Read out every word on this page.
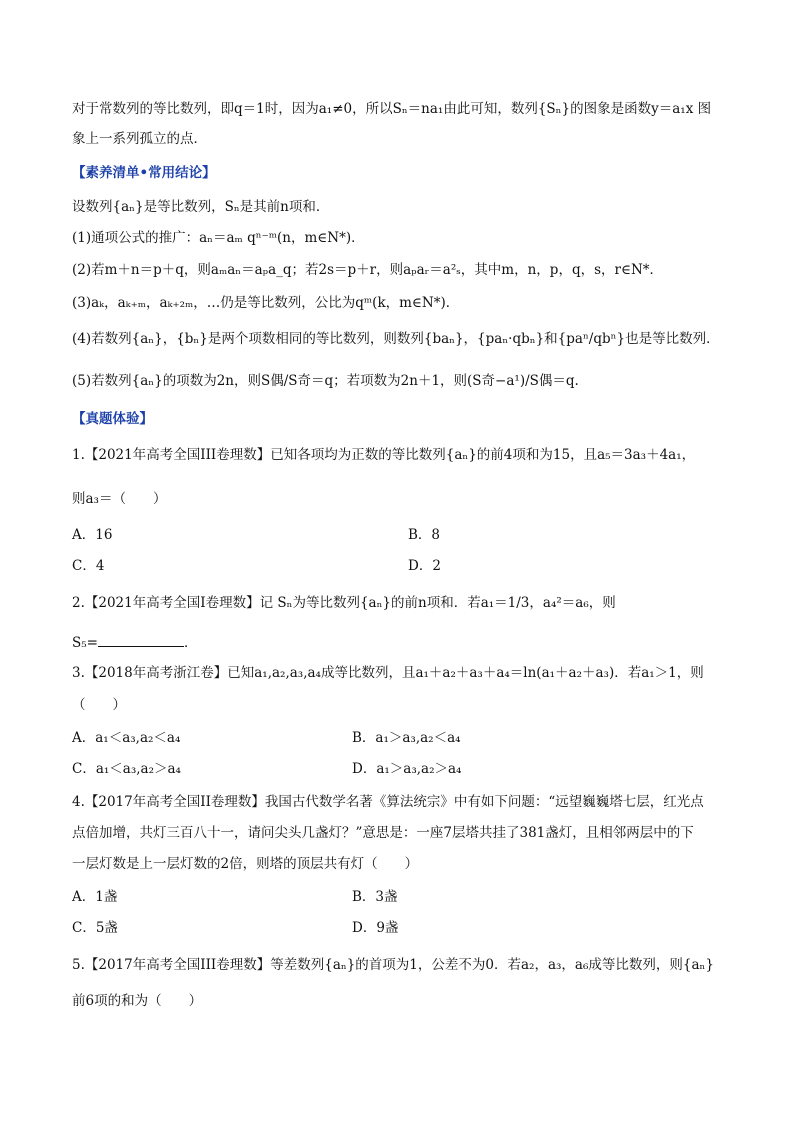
对于常数列的等比数列，即q＝1时，因为a₁≠0，所以Sₙ＝na₁由此可知，数列{Sₙ}的图象是函数y＝a₁x 图
象上一系列孤立的点．
【素养清单•常用结论】
设数列{aₙ}是等比数列，Sₙ是其前n项和．
(1)通项公式的推广：aₙ＝aₘ qⁿ⁻ᵐ(n，m∈N*)．
(2)若m＋n＝p＋q，则aₘaₙ＝aₚa_q；若2s＝p＋r，则aₚaᵣ＝a²ₛ，其中m，n，p，q，s，r∈N*．
(3)aₖ，aₖ₊ₘ，aₖ₊₂ₘ，…仍是等比数列，公比为qᵐ(k，m∈N*)．
(4)若数列{aₙ}，{bₙ}是两个项数相同的等比数列，则数列{baₙ}，{paₙ·qbₙ}和{paⁿ/qbⁿ}也是等比数列．
(5)若数列{aₙ}的项数为2n，则S偶/S奇＝q；若项数为2n＋1，则(S奇−a¹)/S偶＝q.
【真题体验】
1.【2021年高考全国III卷理数】已知各项均为正数的等比数列{aₙ}的前4项和为15，且a₅＝3a₃＋4a₁，
则a₃＝（　　）
A．16	B．8
C．4	D．2
2.【2021年高考全国I卷理数】记 Sₙ为等比数列{aₙ}的前n项和．若a₁＝1/3，a₄²＝a₆，则
S₅=	．
3.【2018年高考浙江卷】已知a₁,a₂,a₃,a₄成等比数列，且a₁＋a₂＋a₃＋a₄＝ln(a₁＋a₂＋a₃)．若a₁＞1，则
（　　）
A．a₁＜a₃,a₂＜a₄	B．a₁＞a₃,a₂＜a₄
C．a₁＜a₃,a₂＞a₄	D．a₁＞a₃,a₂＞a₄
4.【2017年高考全国II卷理数】我国古代数学名著《算法统宗》中有如下问题：“远望巍巍塔七层，红光点
点倍加增，共灯三百八十一，请问尖头几盏灯？”意思是：一座7层塔共挂了381盏灯，且相邻两层中的下
一层灯数是上一层灯数的2倍，则塔的顶层共有灯（　　）
A．1盏	B．3盏
C．5盏	D．9盏
5.【2017年高考全国III卷理数】等差数列{aₙ}的首项为1，公差不为0．若a₂，a₃，a₆成等比数列，则{aₙ}
前6项的和为（　　）
